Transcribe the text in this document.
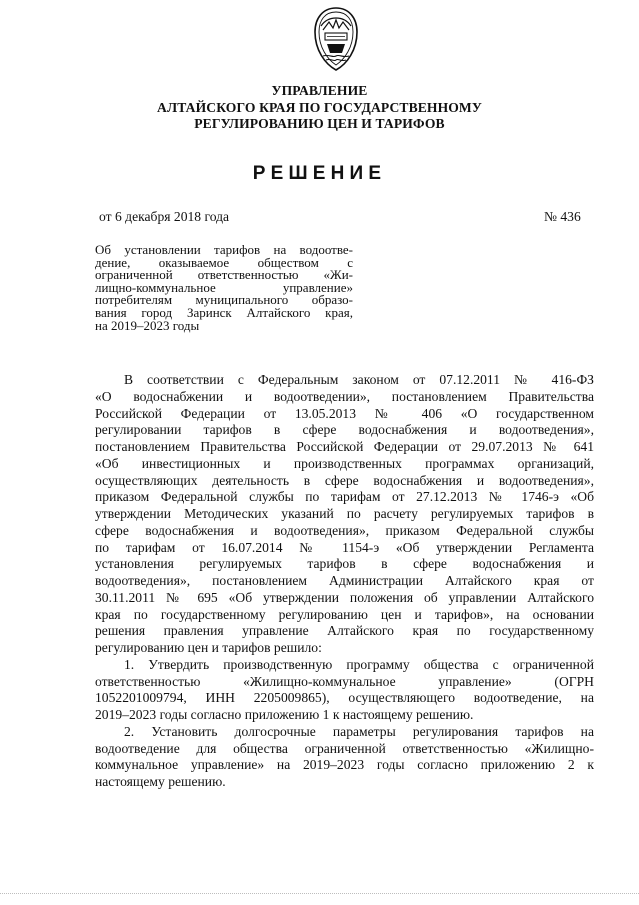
УПРАВЛЕНИЕ
АЛТАЙСКОГО КРАЯ ПО ГОСУДАРСТВЕННОМУ
РЕГУЛИРОВАНИЮ ЦЕН И ТАРИФОВ
РЕШЕНИЕ
от 6 декабря 2018 года	№ 436
Об установлении тарифов на водоотве-
дение, оказываемое обществом с
ограниченной ответственностью «Жи-
лищно-коммунальное управление»
потребителям муниципального образо-
вания город Заринск Алтайского края,
на 2019–2023 годы

В соответствии с Федеральным законом от 07.12.2011 № 416-ФЗ
«О водоснабжении и водоотведении», постановлением Правительства
Российской Федерации от 13.05.2013 № 406 «О государственном
регулировании тарифов в сфере водоснабжения и водоотведения»,
постановлением Правительства Российской Федерации от 29.07.2013 № 641
«Об инвестиционных и производственных программах организаций,
осуществляющих деятельность в сфере водоснабжения и водоотведения»,
приказом Федеральной службы по тарифам от 27.12.2013 № 1746-э «Об
утверждении Методических указаний по расчету регулируемых тарифов в
сфере водоснабжения и водоотведения», приказом Федеральной службы
по тарифам от 16.07.2014 № 1154-э «Об утверждении Регламента
установления регулируемых тарифов в сфере водоснабжения и
водоотведения», постановлением Администрации Алтайского края от
30.11.2011 № 695 «Об утверждении положения об управлении Алтайского
края по государственному регулированию цен и тарифов», на основании
решения правления управление Алтайского края по государственному
регулированию цен и тарифов решило:

1. Утвердить производственную программу общества с ограниченной
ответственностью «Жилищно-коммунальное управление» (ОГРН
1052201009794, ИНН 2205009865), осуществляющего водоотведение, на
2019–2023 годы согласно приложению 1 к настоящему решению.

2. Установить долгосрочные параметры регулирования тарифов на
водоотведение для общества ограниченной ответственностью «Жилищно-
коммунальное управление» на 2019–2023 годы согласно приложению 2 к
настоящему решению.
